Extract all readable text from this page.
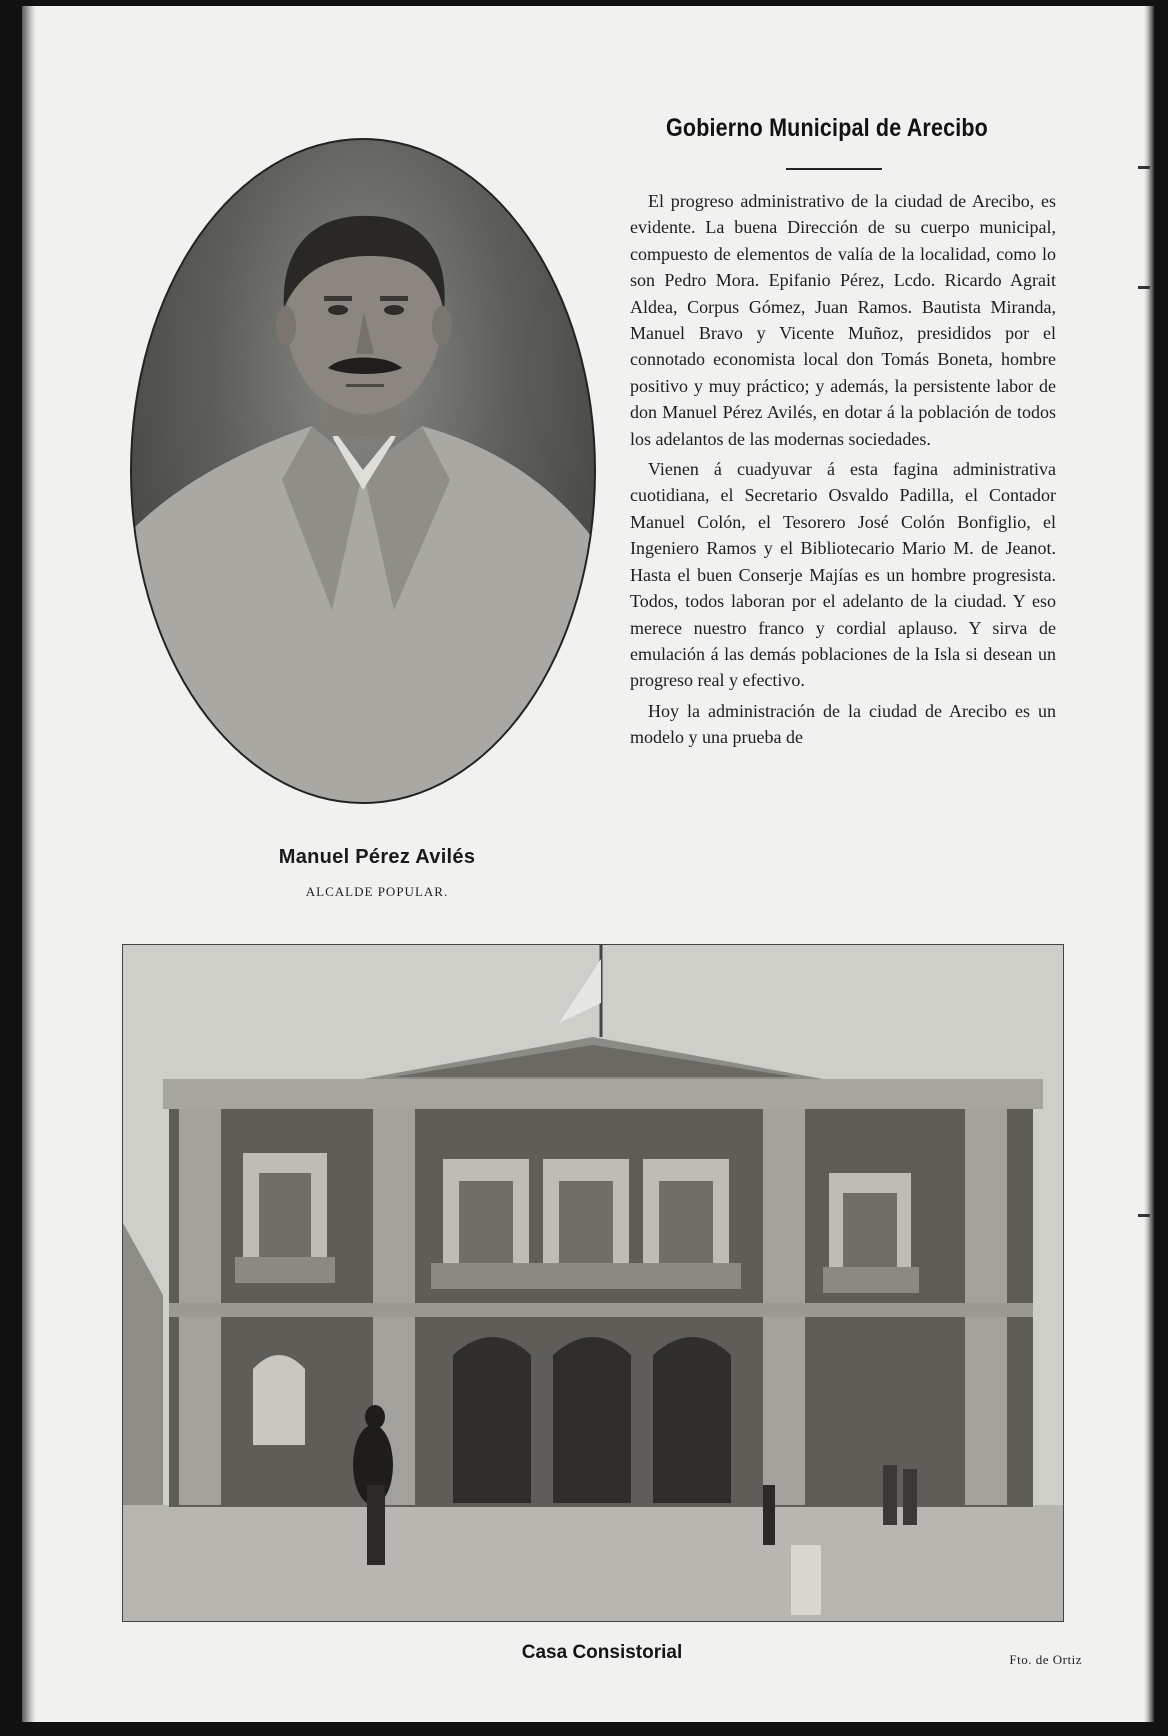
Manuel Pérez Avilés
ALCALDE POPULAR.
Gobierno Municipal de Arecibo

El progreso administrativo de la ciudad de Arecibo, es evidente. La buena Dirección de su cuerpo municipal, compuesto de elementos de valía de la localidad, como lo son Pedro Mora. Epifanio Pérez, Lcdo. Ricardo Agrait Aldea, Corpus Gómez, Juan Ramos. Bautista Miranda, Manuel Bravo y Vicente Muñoz, presididos por el connotado economista local don Tomás Boneta, hombre positivo y muy práctico; y además, la persistente labor de don Manuel Pérez Avilés, en dotar á la población de todos los adelantos de las modernas sociedades.

Vienen á cuadyuvar á esta fagina administrativa cuotidiana, el Secretario Osvaldo Padilla, el Contador Manuel Colón, el Tesorero José Colón Bonfiglio, el Ingeniero Ramos y el Bibliotecario Mario M. de Jeanot. Hasta el buen Conserje Majías es un hombre progresista. Todos, todos laboran por el adelanto de la ciudad. Y eso merece nuestro franco y cordial aplauso. Y sirva de emulación á las demás poblaciones de la Isla si desean un progreso real y efectivo.

Hoy la administración de la ciudad de Arecibo es un modelo y una prueba de

Casa Consistorial	Fto. de Ortiz
